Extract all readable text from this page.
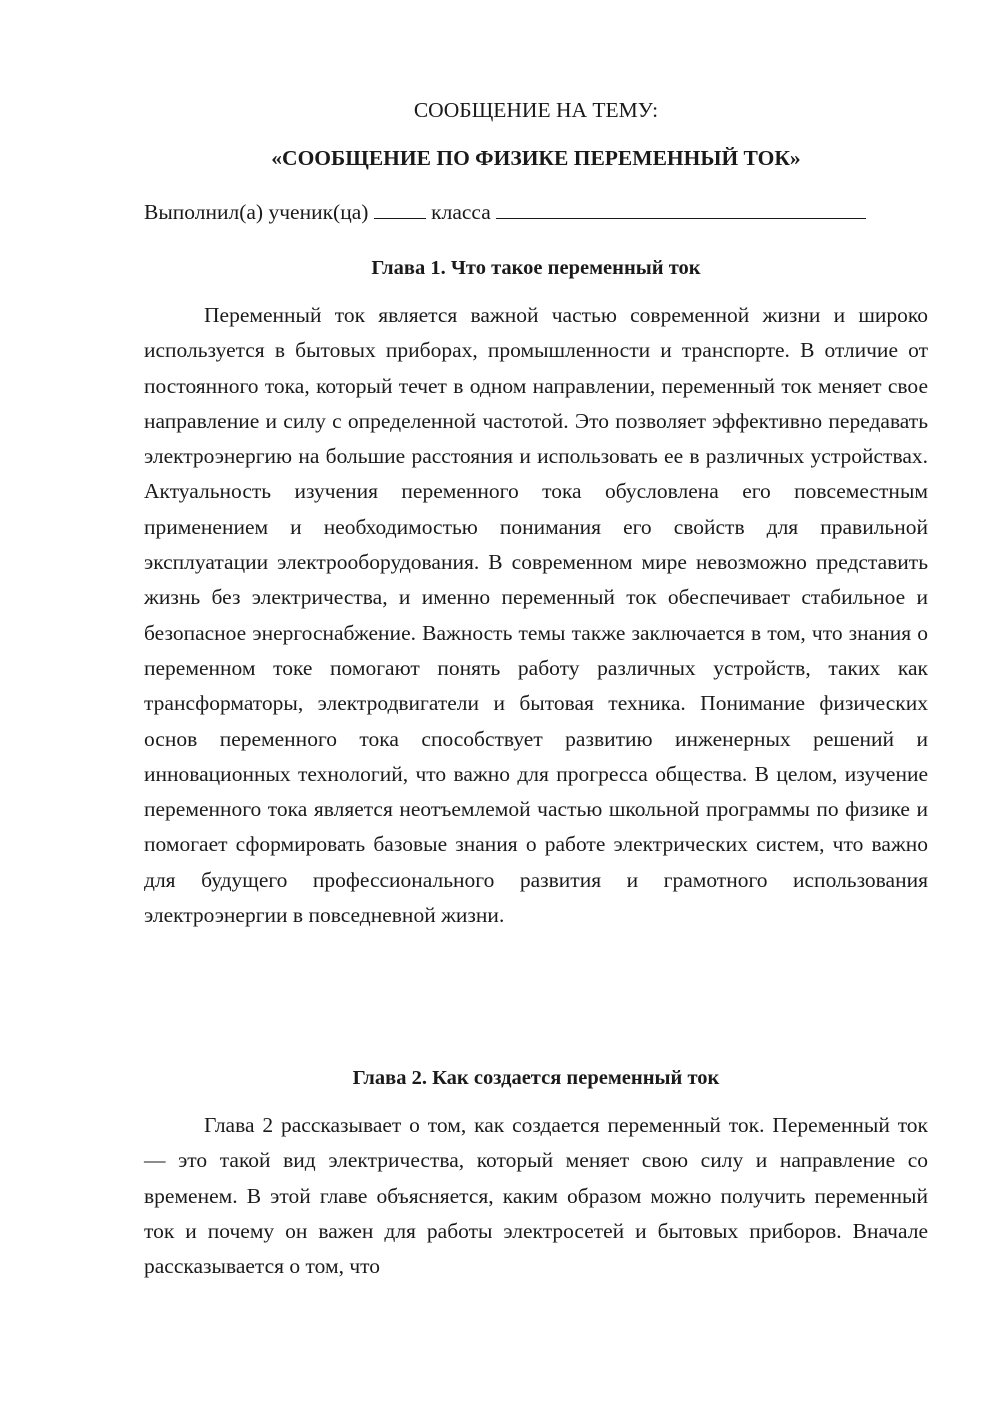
СООБЩЕНИЕ НА ТЕМУ:
«СООБЩЕНИЕ ПО ФИЗИКЕ ПЕРЕМЕННЫЙ ТОК»
Выполнил(а) ученик(ца)	класса
Глава 1. Что такое переменный ток

Переменный ток является важной частью современной жизни и широко используется в бытовых приборах, промышленности и транспорте. В отличие от постоянного тока, который течет в одном направлении, переменный ток меняет свое направление и силу с определенной частотой. Это позволяет эффективно передавать электроэнергию на большие расстояния и использовать ее в различных устройствах. Актуальность изучения переменного тока обусловлена его повсеместным применением и необходимостью понимания его свойств для правильной эксплуатации электрооборудования. В современном мире невозможно представить жизнь без электричества, и именно переменный ток обеспечивает стабильное и безопасное энергоснабжение. Важность темы также заключается в том, что знания о переменном токе помогают понять работу различных устройств, таких как трансформаторы, электродвигатели и бытовая техника. Понимание физических основ переменного тока способствует развитию инженерных решений и инновационных технологий, что важно для прогресса общества. В целом, изучение переменного тока является неотъемлемой частью школьной программы по физике и помогает сформировать базовые знания о работе электрических систем, что важно для будущего профессионального развития и грамотного использования электроэнергии в повседневной жизни.

Глава 2. Как создается переменный ток

Глава 2 рассказывает о том, как создается переменный ток. Переменный ток — это такой вид электричества, который меняет свою силу и направление со временем. В этой главе объясняется, каким образом можно получить переменный ток и почему он важен для работы электросетей и бытовых приборов. Вначале рассказывается о том, что
